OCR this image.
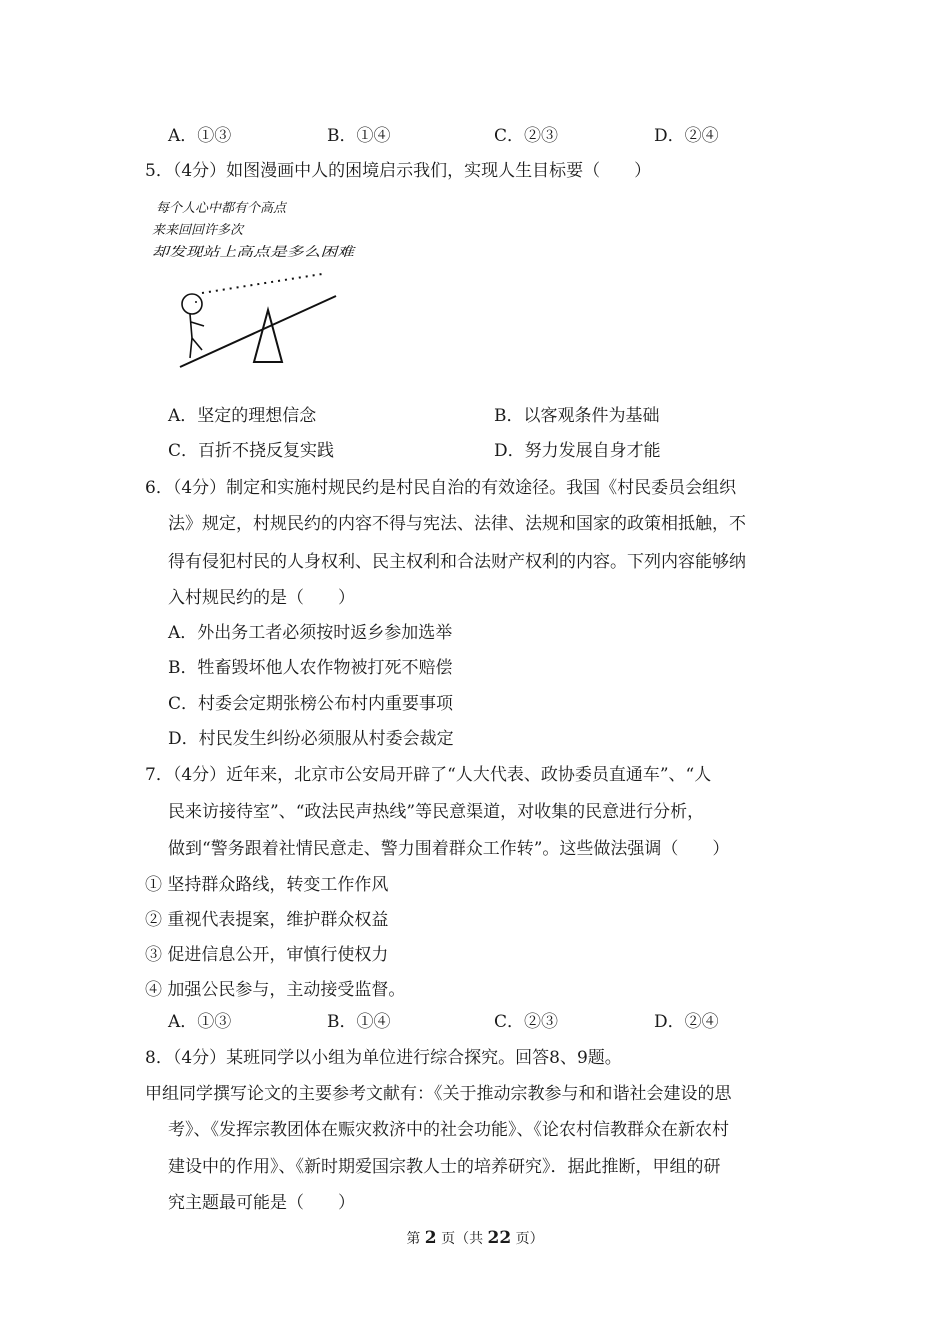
A．①③	B．①④	C．②③	D．②④
5．（4分）如图漫画中人的困境启示我们，实现人生目标要（　　）
每个人心中都有个高点
来来回回许多次
却发现站上高点是多么困难
A．坚定的理想信念	B．以客观条件为基础
C．百折不挠反复实践	D．努力发展自身才能
6．（4分）制定和实施村规民约是村民自治的有效途径。我国《村民委员会组织
法》规定，村规民约的内容不得与宪法、法律、法规和国家的政策相抵触，不
得有侵犯村民的人身权利、民主权利和合法财产权利的内容。下列内容能够纳
入村规民约的是（　　）
A．外出务工者必须按时返乡参加选举
B．牲畜毁坏他人农作物被打死不赔偿
C．村委会定期张榜公布村内重要事项
D．村民发生纠纷必须服从村委会裁定
7．（4分）近年来，北京市公安局开辟了“人大代表、政协委员直通车”、“人
民来访接待室”、“政法民声热线”等民意渠道，对收集的民意进行分析，
做到“警务跟着社情民意走、警力围着群众工作转”。这些做法强调（　　）
① 坚持群众路线，转变工作作风
② 重视代表提案，维护群众权益
③ 促进信息公开，审慎行使权力
④ 加强公民参与，主动接受监督。
A．①③	B．①④	C．②③	D．②④
8．（4分）某班同学以小组为单位进行综合探究。回答8、9题。
甲组同学撰写论文的主要参考文献有：《关于推动宗教参与和和谐社会建设的思
考》、《发挥宗教团体在赈灾救济中的社会功能》、《论农村信教群众在新农村
建设中的作用》、《新时期爱国宗教人士的培养研究》．据此推断，甲组的研
究主题最可能是（　　）
第 2 页（共 22 页）
